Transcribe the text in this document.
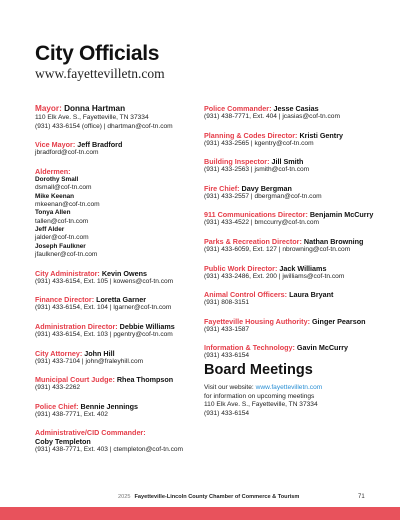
City Officials
www.fayettevilletn.com
Mayor: Donna Hartman
110 Elk Ave. S., Fayetteville, TN 37334
(931) 433-6154 (office) | dhartman@cof-tn.com
Vice Mayor: Jeff Bradford
jbradford@cof-tn.com
Aldermen:
Dorothy Small
dsmall@cof-tn.com
Mike Keenan
mkeenan@cof-tn.com
Tonya Allen
tallen@cof-tn.com
Jeff Alder
jalder@cof-tn.com
Joseph Faulkner
jfaulkner@cof-tn.com
City Administrator: Kevin Owens
(931) 433-6154, Ext. 105 | kowens@cof-tn.com
Finance Director: Loretta Garner
(931) 433-6154, Ext. 104 | lgarner@cof-tn.com
Administration Director: Debbie Williams
(931) 433-6154, Ext. 103 | pgentry@cof-tn.com
City Attorney: John Hill
(931) 433-7104 | john@fraleyhill.com
Municipal Court Judge: Rhea Thompson
(931) 433-2262
Police Chief: Bennie Jennings
(931) 438-7771, Ext. 402
Administrative/CID Commander:
Coby Templeton
(931) 438-7771, Ext. 403 | ctempleton@cof-tn.com
Police Commander: Jesse Casias
(931) 438-7771, Ext. 404 | jcasias@cof-tn.com
Planning & Codes Director: Kristi Gentry
(931) 433-2565 | kgentry@cof-tn.com
Building Inspector: Jill Smith
(931) 433-2563 | jsmith@cof-tn.com
Fire Chief: Davy Bergman
(931) 433-2557 | dbergman@cof-tn.com
911 Communications Director: Benjamin McCurry
(931) 433-4522 | bmccurry@cof-tn.com
Parks & Recreation Director: Nathan Browning
(931) 433-6059, Ext. 127 | nbrowning@cof-tn.com
Public Work Director: Jack Williams
(931) 433-2486, Ext. 200 | jwilliams@cof-tn.com
Animal Control Officers: Laura Bryant
(931) 808-3151
Fayetteville Housing Authority: Ginger Pearson
(931) 433-1587
Information & Technology: Gavin McCurry
(931) 433-6154
Board Meetings
Visit our website: www.fayettevilletn.com
for information on upcoming meetings
110 Elk Ave. S., Fayetteville, TN 37334
(931) 433-6154
2025 Fayetteville-Lincoln County Chamber of Commerce & Tourism	71
